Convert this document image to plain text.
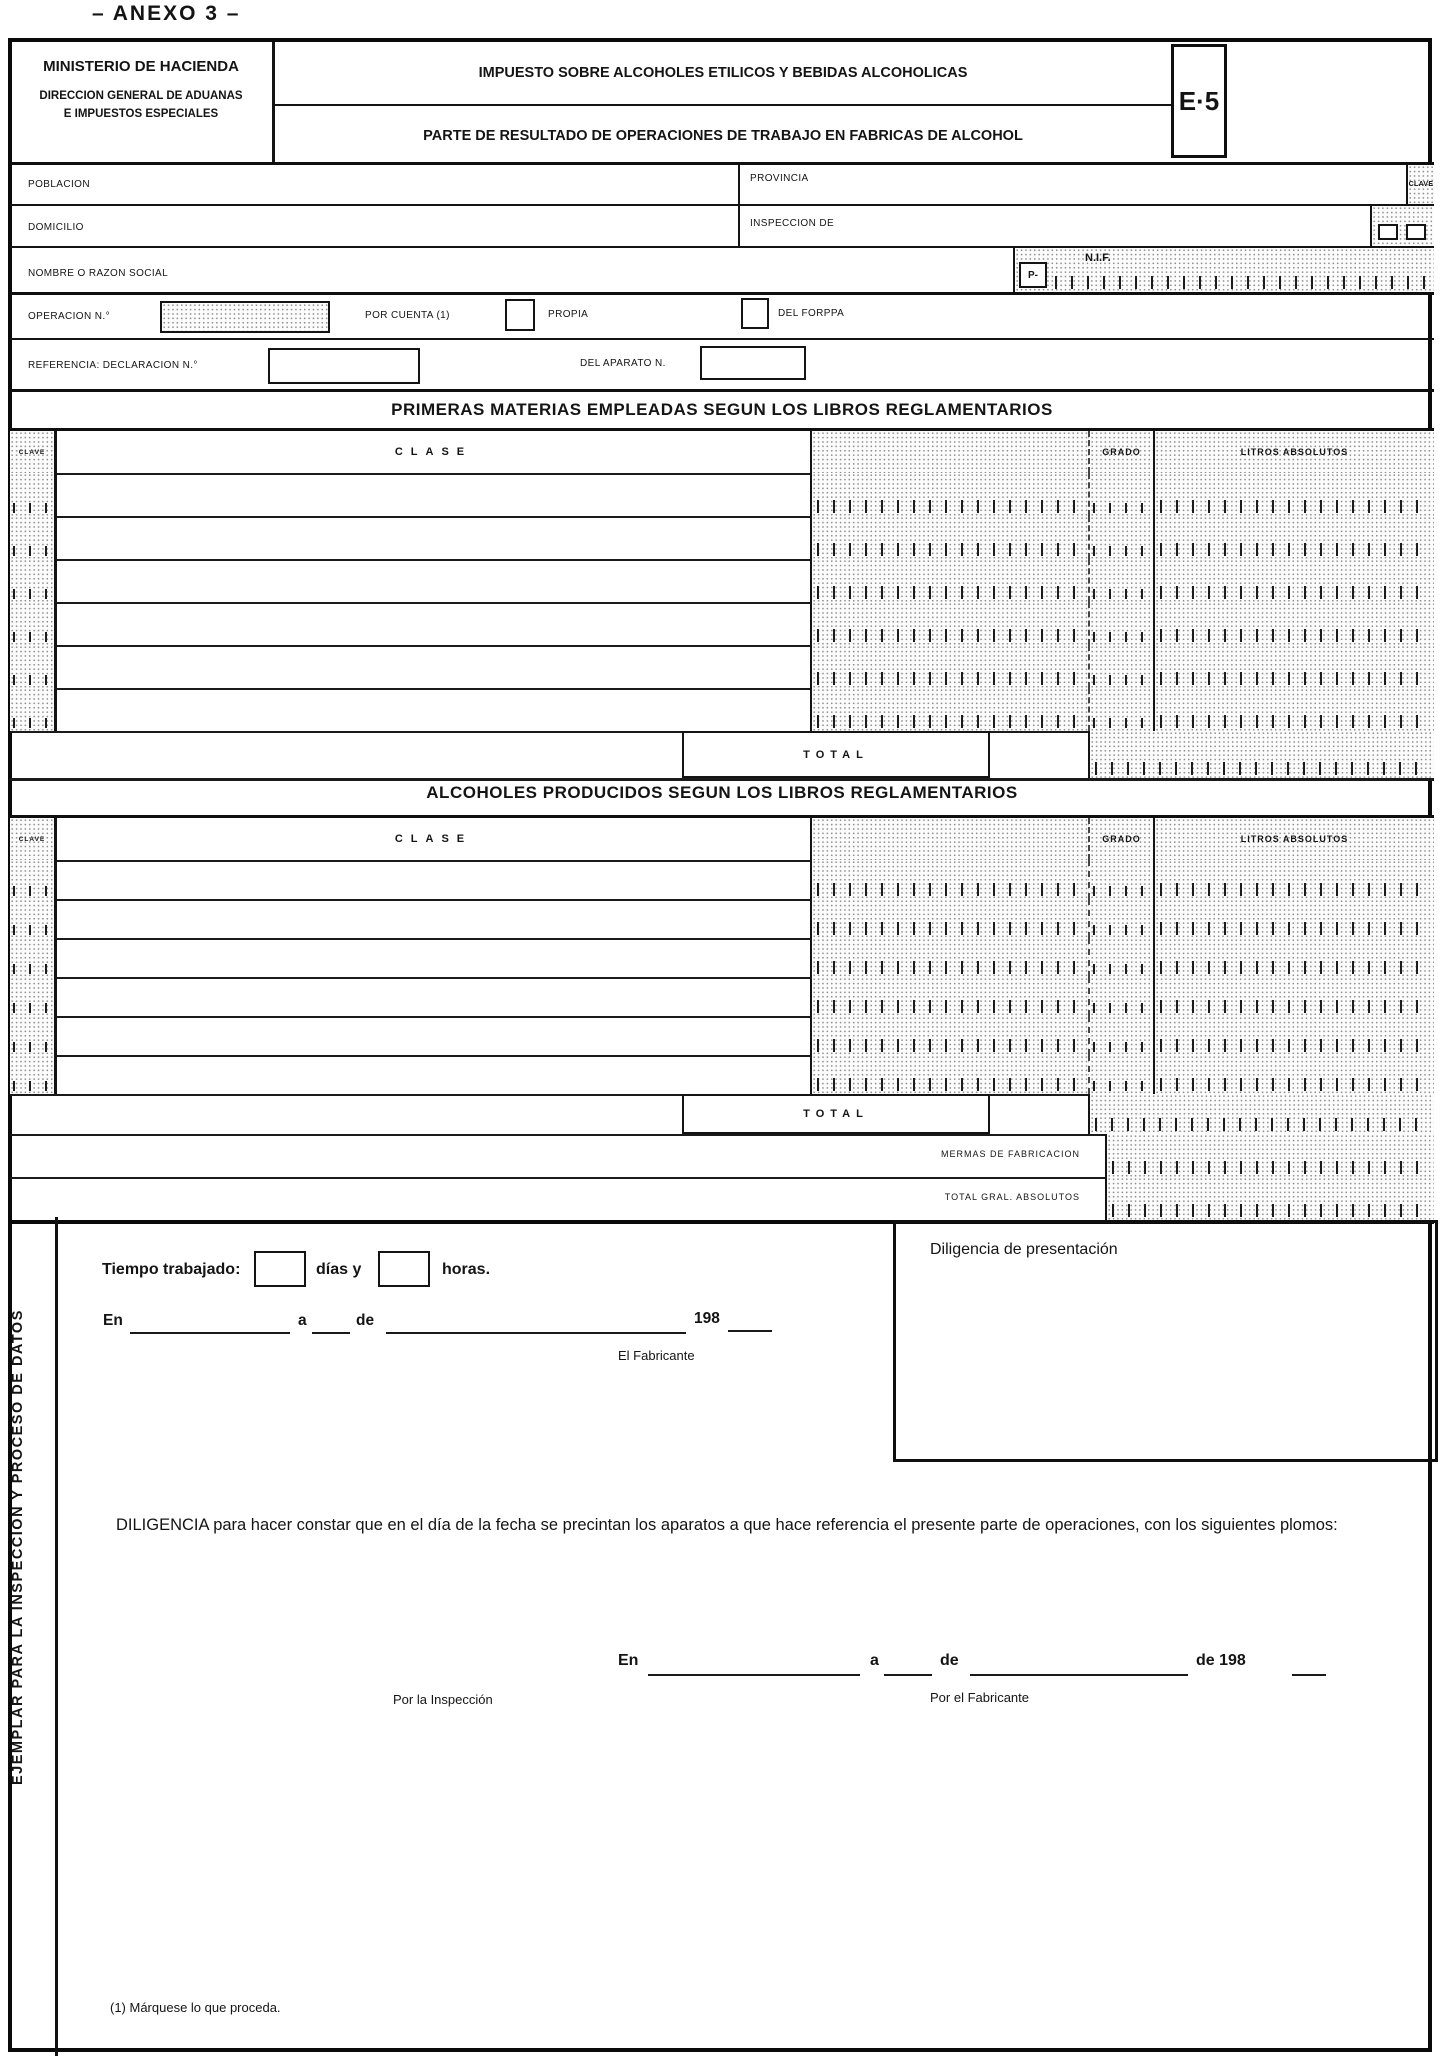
– ANEXO 3 –
MINISTERIO DE HACIENDA
DIRECCION GENERAL DE ADUANAS
E IMPUESTOS ESPECIALES
IMPUESTO SOBRE ALCOHOLES ETILICOS Y BEBIDAS ALCOHOLICAS
PARTE DE RESULTADO DE OPERACIONES DE TRABAJO EN FABRICAS DE ALCOHOL
E·5
POBLACION
PROVINCIA
CLAVE
DOMICILIO	INSPECCION DE
NOMBRE O RAZON SOCIAL
N.I.F.
P-
OPERACION N.°	POR CUENTA (1)	PROPIA	DEL FORPPA
REFERENCIA: DECLARACION N.°	DEL APARATO N.
PRIMERAS MATERIAS EMPLEADAS SEGUN LOS LIBROS REGLAMENTARIOS
CLAVE	CLASE	GRADO	LITROS ABSOLUTOS
TOTAL
ALCOHOLES PRODUCIDOS SEGUN LOS LIBROS REGLAMENTARIOS
CLAVE	CLASE	GRADO	LITROS ABSOLUTOS
TOTAL
MERMAS DE FABRICACION
TOTAL GRAL. ABSOLUTOS
EJEMPLAR PARA LA INSPECCION Y PROCESO DE DATOS
Tiempo trabajado:	días y	horas.
En	a	de	198
El Fabricante
Diligencia de presentación
DILIGENCIA para hacer constar que en el día de la fecha se precintan los aparatos a que hace referencia el presente parte de operaciones, con los siguientes plomos:
En	a	de	de 198
Por la Inspección	Por el Fabricante
(1) Márquese lo que proceda.
